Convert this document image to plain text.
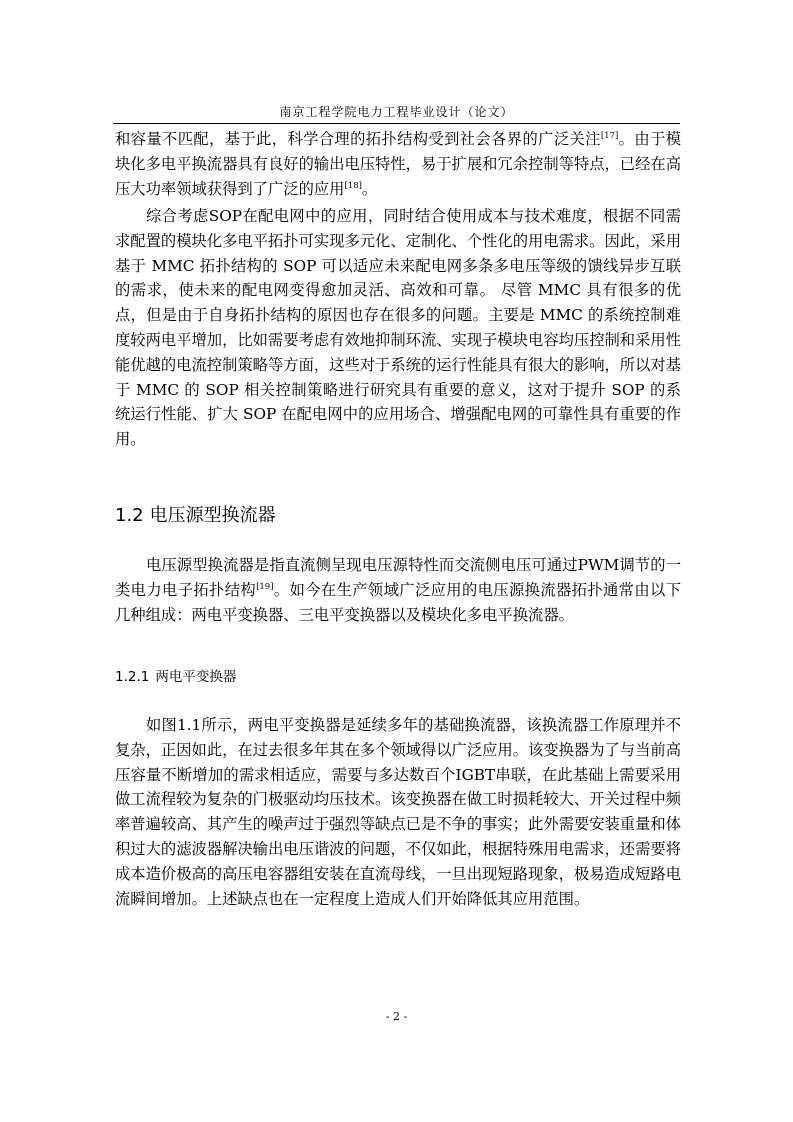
南京工程学院电力工程毕业设计（论文）

和容量不匹配，基于此，科学合理的拓扑结构受到社会各界的广泛关注[17]。由于模块化多电平换流器具有良好的输出电压特性，易于扩展和冗余控制等特点，已经在高压大功率领域获得到了广泛的应用[18]。

综合考虑SOP在配电网中的应用，同时结合使用成本与技术难度，根据不同需求配置的模块化多电平拓扑可实现多元化、定制化、个性化的用电需求。因此，采用基于 MMC 拓扑结构的 SOP 可以适应未来配电网多条多电压等级的馈线异步互联的需求，使未来的配电网变得愈加灵活、高效和可靠。 尽管 MMC 具有很多的优点，但是由于自身拓扑结构的原因也存在很多的问题。主要是 MMC 的系统控制难度较两电平增加，比如需要考虑有效地抑制环流、实现子模块电容均压控制和采用性能优越的电流控制策略等方面，这些对于系统的运行性能具有很大的影响，所以对基于 MMC 的 SOP 相关控制策略进行研究具有重要的意义，这对于提升 SOP 的系统运行性能、扩大 SOP 在配电网中的应用场合、增强配电网的可靠性具有重要的作用。

1.2 电压源型换流器

电压源型换流器是指直流侧呈现电压源特性而交流侧电压可通过PWM调节的一类电力电子拓扑结构[19]。如今在生产领域广泛应用的电压源换流器拓扑通常由以下几种组成：两电平变换器、三电平变换器以及模块化多电平换流器。

1.2.1 两电平变换器

如图1.1所示，两电平变换器是延续多年的基础换流器，该换流器工作原理并不复杂，正因如此，在过去很多年其在多个领域得以广泛应用。该变换器为了与当前高压容量不断增加的需求相适应，需要与多达数百个IGBT串联，在此基础上需要采用做工流程较为复杂的门极驱动均压技术。该变换器在做工时损耗较大、开关过程中频率普遍较高、其产生的噪声过于强烈等缺点已是不争的事实；此外需要安装重量和体积过大的滤波器解决输出电压谐波的问题，不仅如此，根据特殊用电需求，还需要将成本造价极高的高压电容器组安装在直流母线，一旦出现短路现象，极易造成短路电流瞬间增加。上述缺点也在一定程度上造成人们开始降低其应用范围。

- 2 -
